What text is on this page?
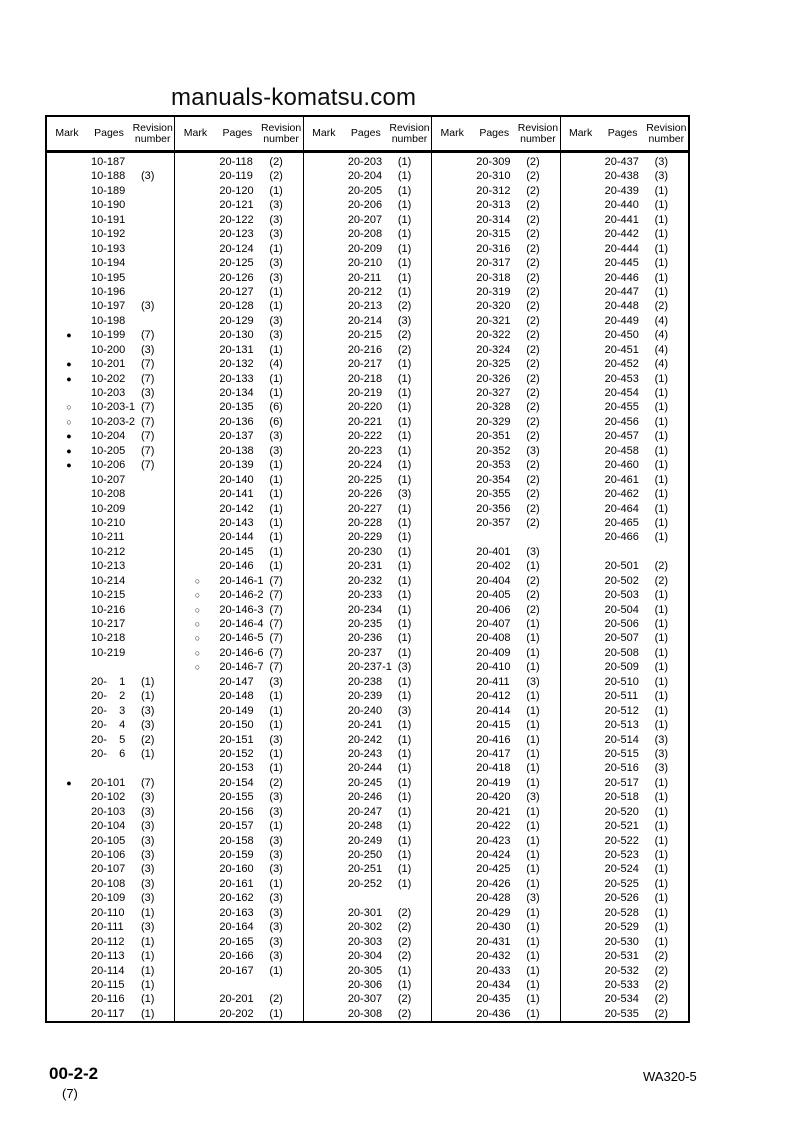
manuals-komatsu.com
Mark	Pages Revision number
10-187
10-188	(3)
10-189
10-190
10-191
10-192
10-193
10-194
10-195
10-196
10-197	(3)
10-198
●	10-199	(7)
10-200	(3)
●	10-201	(7)
●	10-202	(7)
10-203	(3)
○	10-203-1 (7)
○	10-203-2 (7)
●	10-204	(7)
●	10-205	(7)
●	10-206	(7)
10-207
10-208
10-209
10-210
10-211
10-212
10-213
10-214
10-215
10-216
10-217
10-218
10-219
20-    1	(1)
20-    2	(1)
20-    3	(3)
20-    4	(3)
20-    5	(2)
20-    6	(1)
●	20-101	(7)
20-102	(3)
20-103	(3)
20-104	(3)
20-105	(3)
20-106	(3)
20-107	(3)
20-108	(3)
20-109	(3)
20-110	(1)
20-111	(3)
20-112	(1)
20-113	(1)
20-114	(1)
20-115	(1)
20-116	(1)
20-117	(1)
Mark	Pages Revision number
20-118	(2)
20-119	(2)
20-120	(1)
20-121	(3)
20-122	(3)
20-123	(3)
20-124	(1)
20-125	(3)
20-126	(3)
20-127	(1)
20-128	(1)
20-129	(3)
20-130	(3)
20-131	(1)
20-132	(4)
20-133	(1)
20-134	(1)
20-135	(6)
20-136	(6)
20-137	(3)
20-138	(3)
20-139	(1)
20-140	(1)
20-141	(1)
20-142	(1)
20-143	(1)
20-144	(1)
20-145	(1)
20-146	(1)
○	20-146-1 (7)
○	20-146-2 (7)
○	20-146-3 (7)
○	20-146-4 (7)
○	20-146-5 (7)
○	20-146-6 (7)
○	20-146-7 (7)
20-147	(3)
20-148	(1)
20-149	(1)
20-150	(1)
20-151	(3)
20-152	(1)
20-153	(1)
20-154	(2)
20-155	(3)
20-156	(3)
20-157	(1)
20-158	(3)
20-159	(3)
20-160	(3)
20-161	(1)
20-162	(3)
20-163	(3)
20-164	(3)
20-165	(3)
20-166	(3)
20-167	(1)
20-201	(2)
20-202	(1)
Mark	Pages Revision number
20-203	(1)
20-204	(1)
20-205	(1)
20-206	(1)
20-207	(1)
20-208	(1)
20-209	(1)
20-210	(1)
20-211	(1)
20-212	(1)
20-213	(2)
20-214	(3)
20-215	(2)
20-216	(2)
20-217	(1)
20-218	(1)
20-219	(1)
20-220	(1)
20-221	(1)
20-222	(1)
20-223	(1)
20-224	(1)
20-225	(1)
20-226	(3)
20-227	(1)
20-228	(1)
20-229	(1)
20-230	(1)
20-231	(1)
20-232	(1)
20-233	(1)
20-234	(1)
20-235	(1)
20-236	(1)
20-237	(1)
20-237-1 (3)
20-238	(1)
20-239	(1)
20-240	(3)
20-241	(1)
20-242	(1)
20-243	(1)
20-244	(1)
20-245	(1)
20-246	(1)
20-247	(1)
20-248	(1)
20-249	(1)
20-250	(1)
20-251	(1)
20-252	(1)
20-301	(2)
20-302	(2)
20-303	(2)
20-304	(2)
20-305	(1)
20-306	(1)
20-307	(2)
20-308	(2)
Mark	Pages Revision number
20-309	(2)
20-310	(2)
20-312	(2)
20-313	(2)
20-314	(2)
20-315	(2)
20-316	(2)
20-317	(2)
20-318	(2)
20-319	(2)
20-320	(2)
20-321	(2)
20-322	(2)
20-324	(2)
20-325	(2)
20-326	(2)
20-327	(2)
20-328	(2)
20-329	(2)
20-351	(2)
20-352	(3)
20-353	(2)
20-354	(2)
20-355	(2)
20-356	(2)
20-357	(2)
20-401	(3)
20-402	(1)
20-404	(2)
20-405	(2)
20-406	(2)
20-407	(1)
20-408	(1)
20-409	(1)
20-410	(1)
20-411	(3)
20-412	(1)
20-414	(1)
20-415	(1)
20-416	(1)
20-417	(1)
20-418	(1)
20-419	(1)
20-420	(3)
20-421	(1)
20-422	(1)
20-423	(1)
20-424	(1)
20-425	(1)
20-426	(1)
20-428	(3)
20-429	(1)
20-430	(1)
20-431	(1)
20-432	(1)
20-433	(1)
20-434	(1)
20-435	(1)
20-436	(1)
Mark	Pages Revision number
20-437	(3)
20-438	(3)
20-439	(1)
20-440	(1)
20-441	(1)
20-442	(1)
20-444	(1)
20-445	(1)
20-446	(1)
20-447	(1)
20-448	(2)
20-449	(4)
20-450	(4)
20-451	(4)
20-452	(4)
20-453	(1)
20-454	(1)
20-455	(1)
20-456	(1)
20-457	(1)
20-458	(1)
20-460	(1)
20-461	(1)
20-462	(1)
20-464	(1)
20-465	(1)
20-466	(1)
20-501	(2)
20-502	(2)
20-503	(1)
20-504	(1)
20-506	(1)
20-507	(1)
20-508	(1)
20-509	(1)
20-510	(1)
20-511	(1)
20-512	(1)
20-513	(1)
20-514	(3)
20-515	(3)
20-516	(3)
20-517	(1)
20-518	(1)
20-520	(1)
20-521	(1)
20-522	(1)
20-523	(1)
20-524	(1)
20-525	(1)
20-526	(1)
20-528	(1)
20-529	(1)
20-530	(1)
20-531	(2)
20-532	(2)
20-533	(2)
20-534	(2)
20-535	(2)
00-2-2
(7)
WA320-5
